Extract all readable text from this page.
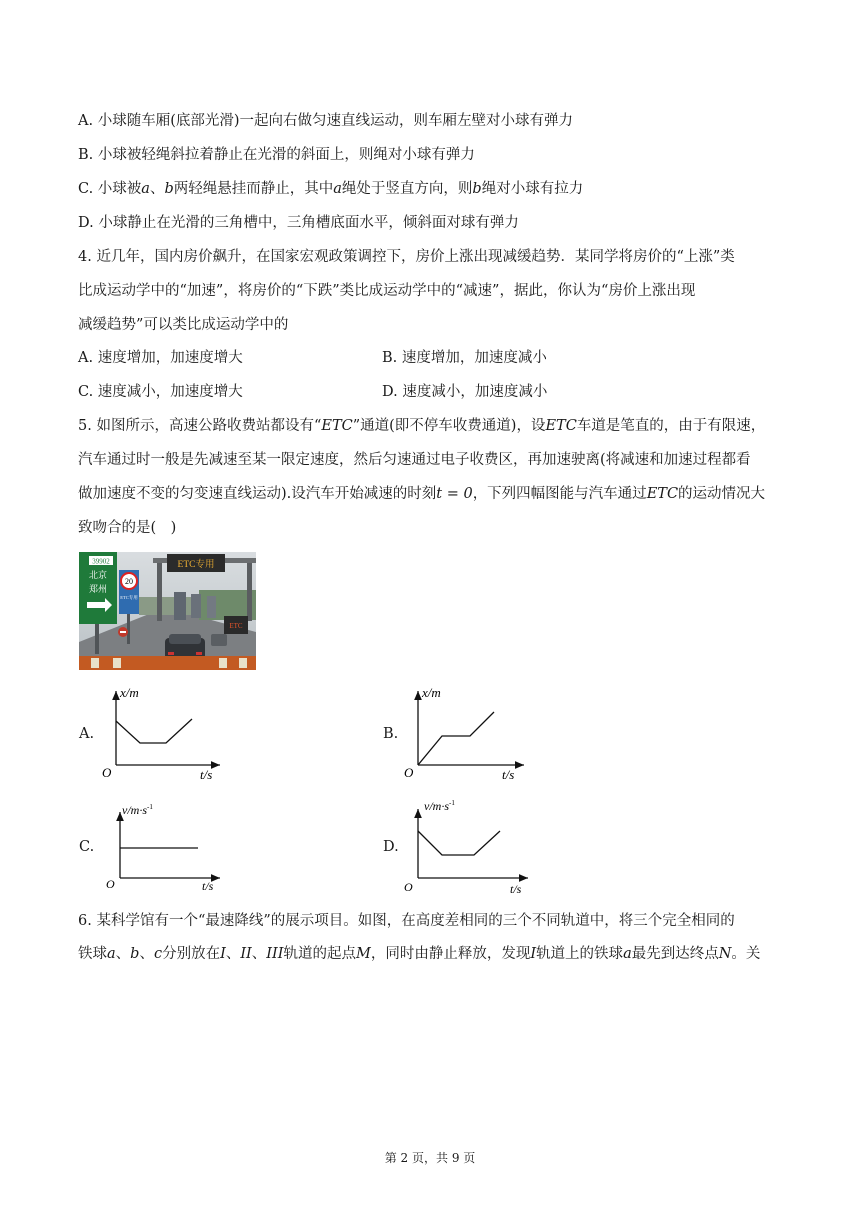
A. 小球随车厢(底部光滑)一起向右做匀速直线运动，则车厢左壁对小球有弹力
B. 小球被轻绳斜拉着静止在光滑的斜面上，则绳对小球有弹力
C. 小球被a、b两轻绳悬挂而静止，其中a绳处于竖直方向，则b绳对小球有拉力
D. 小球静止在光滑的三角槽中，三角槽底面水平，倾斜面对球有弹力
4. 近几年，国内房价飙升，在国家宏观政策调控下，房价上涨出现减缓趋势．某同学将房价的“上涨”类
比成运动学中的“加速”，将房价的“下跌”类比成运动学中的“减速”，据此，你认为“房价上涨出现
减缓趋势”可以类比成运动学中的
A. 速度增加，加速度增大	B. 速度增加，加速度减小
C. 速度减小，加速度增大	D. 速度减小，加速度减小
5. 如图所示，高速公路收费站都设有“ETC”通道(即不停车收费通道)，设ETC车道是笔直的，由于有限速，
汽车通过时一般是先减速至某一限定速度，然后匀速通过电子收费区，再加速驶离(将减速和加速过程都看
做加速度不变的匀变速直线运动).设汽车开始减速的时刻t = 0，下列四幅图能与汽车通过ETC的运动情况大
致吻合的是(　)
ETC专用
39902
北京
郑州
20
ETC专用
ETC
A.
x/m
t/s
O
B.
x/m
t/s
O
C.
$v/m\cdot s^{-1}$
t/s
O
D.
$v/m\cdot s^{-1}$
t/s
O
6. 某科学馆有一个“最速降线”的展示项目。如图，在高度差相同的三个不同轨道中，将三个完全相同的
铁球a、b、c分别放在I、II、III轨道的起点M，同时由静止释放，发现I轨道上的铁球a最先到达终点N。关
第 2 页，共 9 页
